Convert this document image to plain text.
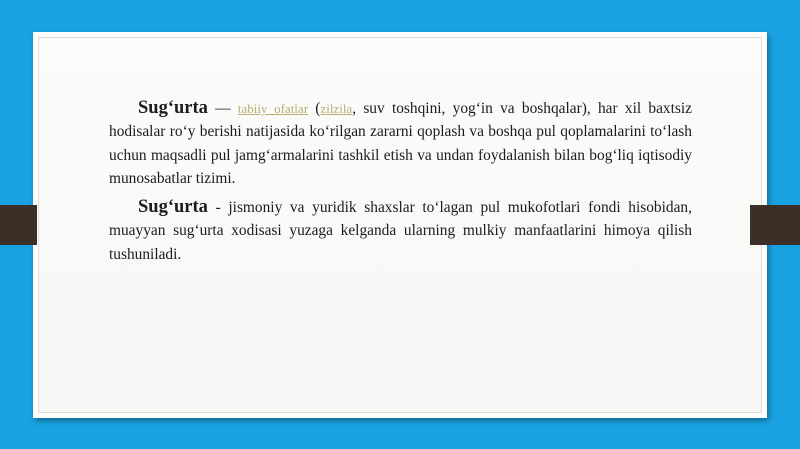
Sug‘urta — tabiiy ofatlar (zilzila, suv toshqini, yog‘in va boshqalar), har xil baxtsiz hodisalar ro‘y berishi natijasida ko‘rilgan zararni qoplash va boshqa pul qoplamalarini to‘lash uchun maqsadli pul jamg‘armalarini tashkil etish va undan foydalanish bilan bog‘liq iqtisodiy munosabatlar tizimi.

Sug‘urta - jismoniy va yuridik shaxslar to‘lagan pul mukofotlari fondi hisobidan, muayyan sug‘urta xodisasi yuzaga kelganda ularning mulkiy manfaatlarini himoya qilish tushuniladi.
